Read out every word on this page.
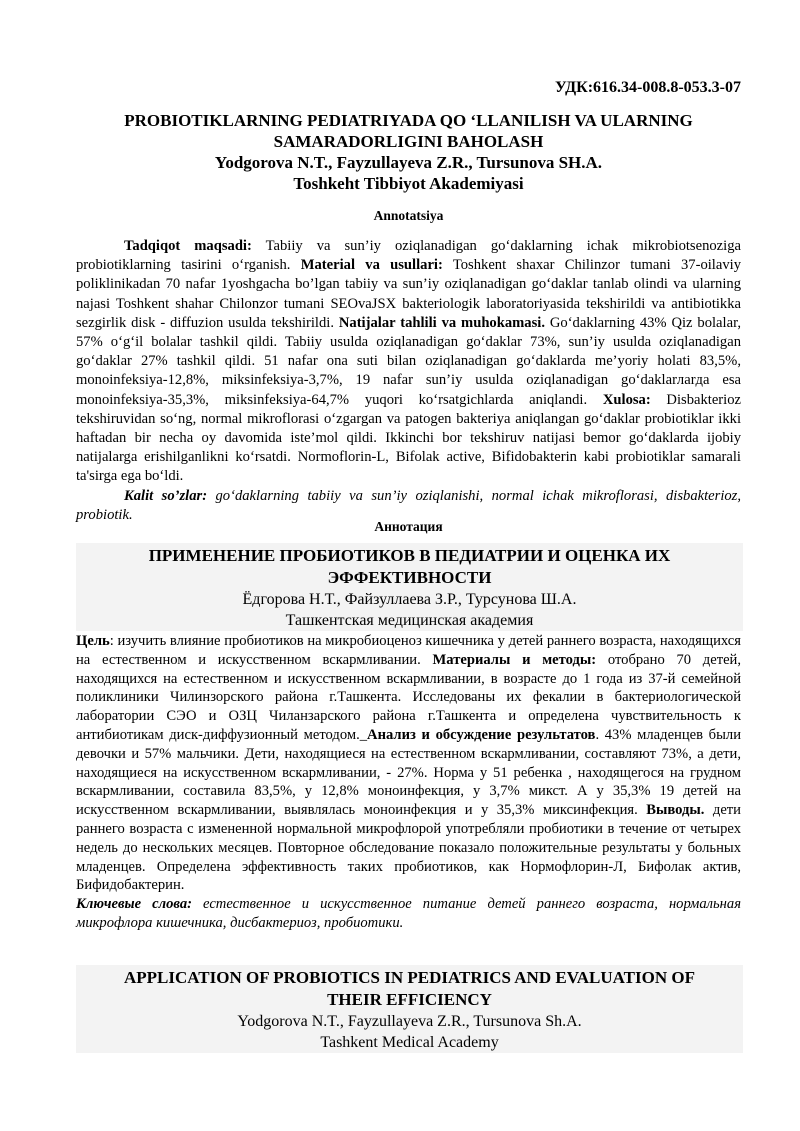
УДК:616.34-008.8-053.3-07
PROBIOTIKLARNING PEDIATRIYADA QO ‘LLANILISH VA ULARNING
SAMARADORLIGINI BAHOLASH
Yodgorova N.T., Fayzullayeva Z.R., Tursunova SH.A.
Toshkeht Tibbiyot Akademiyasi
Annotatsiya

Tadqiqot maqsadi: Tabiiy va sun’iy oziqlanadigan go‘daklarning ichak mikrobiotsenoziga probiotiklarning tasirini o‘rganish. Material va usullari: Toshkent shaxar Chilinzor tumani 37-oilaviy poliklinikadan 70 nafar 1yoshgacha bo’lgan tabiiy va sun’iy oziqlanadigan go‘daklar tanlab olindi va ularning najasi Toshkent shahar Chilonzor tumani SEOvaJSX bakteriologik laboratoriyasida tekshirildi va antibiotikka sezgirlik disk - diffuzion usulda tekshirildi. Natijalar tahlili va muhokamasi. Go‘daklarning 43% Qiz bolalar, 57% o‘g‘il bolalar tashkil qildi. Tabiiy usulda oziqlanadigan go‘daklar 73%, sun’iy usulda oziqlanadigan go‘daklar 27% tashkil qildi. 51 nafar ona suti bilan oziqlanadigan go‘daklarda me’yoriy holati 83,5%, monoinfeksiya-12,8%, miksinfeksiya-3,7%, 19 nafar sun’iy usulda oziqlanadigan go‘daklarлarда esa monoinfeksiya-35,3%, miksinfeksiya-64,7% yuqori ko‘rsatgichlarda aniqlandi. Xulosa: Disbakterioz tekshiruvidan so‘ng, normal mikroflorasi o‘zgargan va patogen bakteriya aniqlangan go‘daklar probiotiklar ikki haftadan bir necha oy davomida iste’mol qildi. Ikkinchi bor tekshiruv natijasi bemor go‘daklarda ijobiy natijalarga erishilganlikni ko‘rsatdi. Normoflorin-L, Bifolak active, Bifidobakterin kabi probiotiklar samarali ta'sirga ega bo‘ldi.

Kalit so’zlar: go‘daklarning tabiiy va sun’iy oziqlanishi, normal ichak mikroflorasi, disbakterioz, probiotik.

Аннотация
ПРИМЕНЕНИЕ ПРОБИОТИКОВ В ПЕДИАТРИИ И ОЦЕНКА ИХ
ЭФФЕКТИВНОСТИ
Ёдгорова Н.Т., Файзуллаева З.Р., Турсунова Ш.А.
Ташкентская медицинская академия

Цель: изучить влияние пробиотиков на микробиоценоз кишечника у детей раннего возраста, находящихся на естественном и искусственном вскармливании. Материалы и методы: отобрано 70 детей, находящихся на естественном и искусственном вскармливании, в возрасте до 1 года из 37-й семейной поликлиники Чилинзорского района г.Ташкента. Исследованы их фекалии в бактериологической лаборатории СЭО и ОЗЦ Чиланзарского района г.Ташкента и определена чувствительность к антибиотикам диск-диффузионный методом._Анализ и обсуждение результатов. 43% младенцев были девочки и 57% мальчики. Дети, находящиеся на естественном вскармливании, составляют 73%, а дети, находящиеся на искусственном вскармливании, - 27%. Норма у 51 ребенка , находящегося на грудном вскармливании, составила 83,5%, у 12,8% моноинфекция, у 3,7% микст. А у 35,3% 19 детей на искусственном вскармливании, выявлялась моноинфекция и у 35,3% миксинфекция. Выводы. дети раннего возраста с измененной нормальной микрофлорой употребляли пробиотики в течение от четырех недель до нескольких месяцев. Повторное обследование показало положительные результаты у больных младенцев. Определена эффективность таких пробиотиков, как Нормофлорин-Л, Бифолак актив, Бифидобактерин.

Ключевые слова: естественное и искусственное питание детей раннего возраста, нормальная микрофлора кишечника, дисбактериоз, пробиотики.

APPLICATION OF PROBIOTICS IN PEDIATRICS AND EVALUATION OF
THEIR EFFICIENCY
Yodgorova N.T., Fayzullayeva Z.R., Tursunova Sh.A.
Tashkent Medical Academy
